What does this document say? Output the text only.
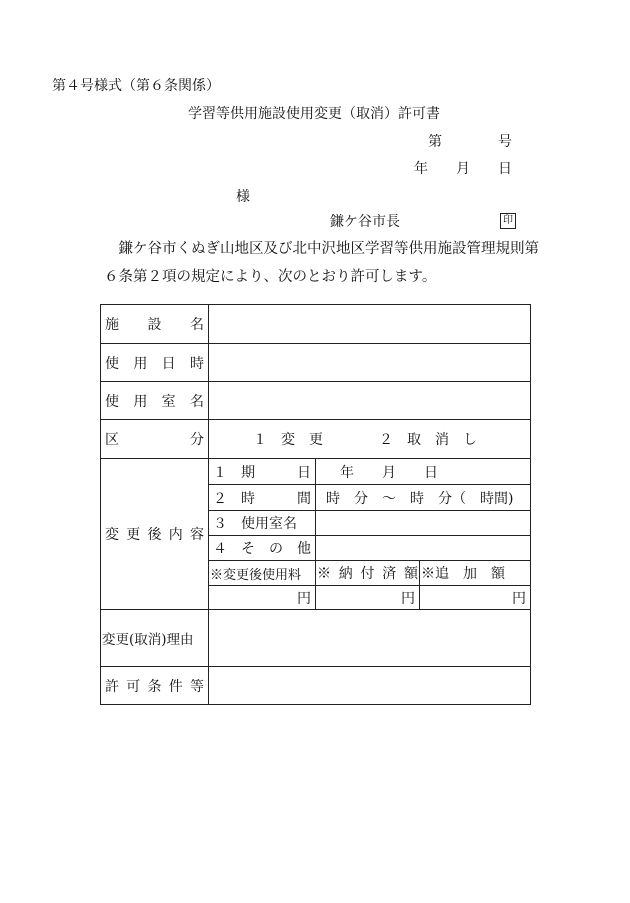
第４号様式（第６条関係）
学習等供用施設使用変更（取消）許可書
第　　　　号
年　　月　　日
様
鎌ケ谷市長	印
　鎌ケ谷市くぬぎ山地区及び北中沢地区学習等供用施設管理規則第
６条第２項の規定により、次のとおり許可します。
施設名			
使用日時			
使用室名			
区分	１　変　更　　　　２　取　消　し		
変更後内容	１　期　　　日	年　　月　　日	
	２　時　　　間	時　分　～　時　分（　時間)	
	３　使用室名		
	４　そ　の　他		
	※変更後使用料	※納付済額	※追　加　額
	円	円	円
変更(取消)理由			
許可条件等			
